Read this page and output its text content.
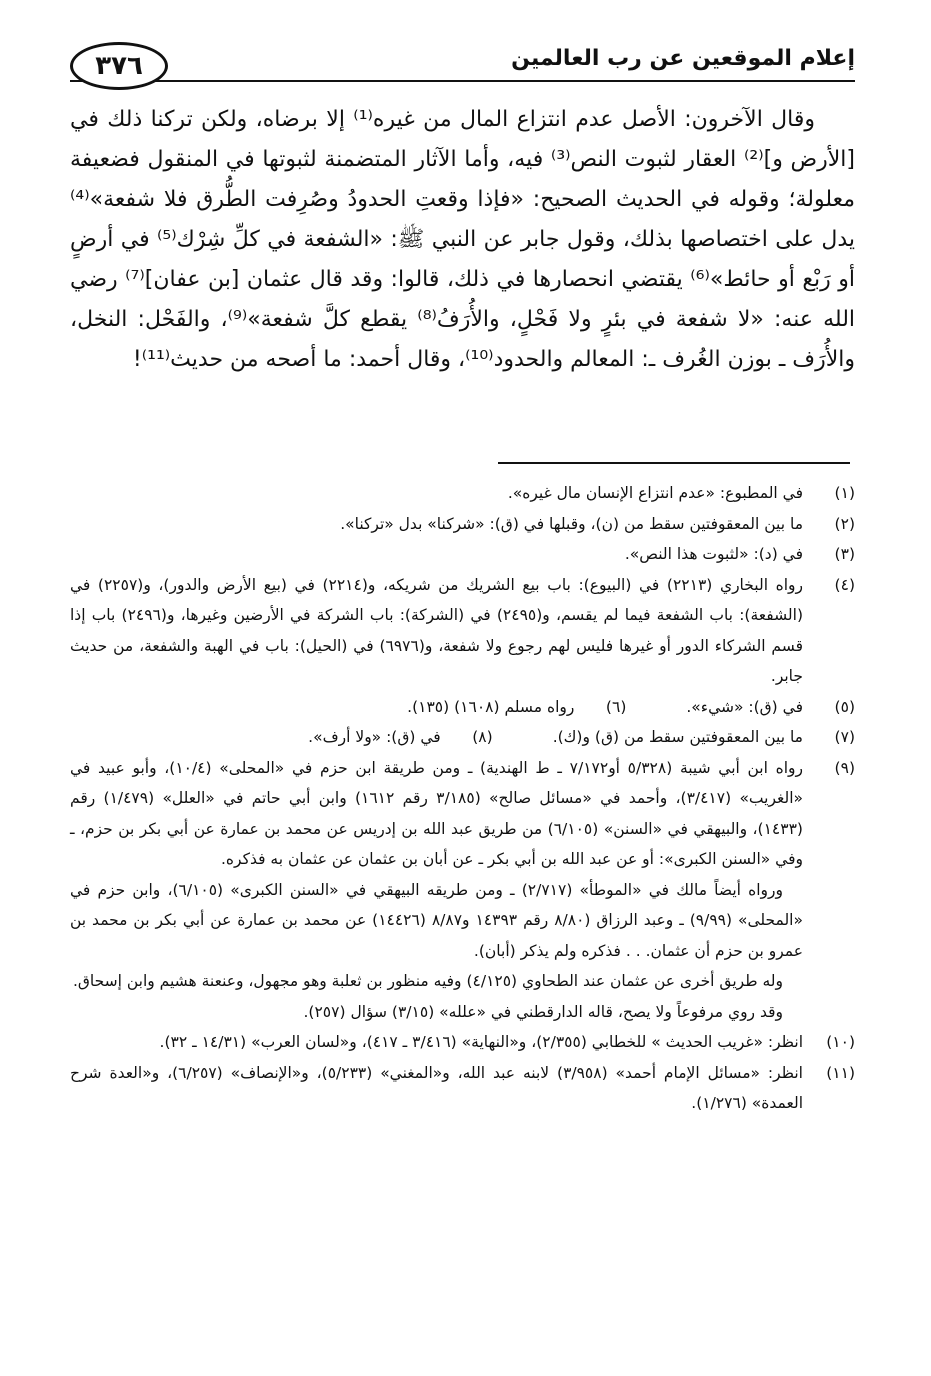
إعلام الموقعين عن رب العالمين
٣٧٦

وقال الآخرون: الأصل عدم انتزاع المال من غيره⁽¹⁾ إلا برضاه، ولكن تركنا ذلك في [الأرض و]⁽²⁾ العقار لثبوت النص⁽³⁾ فيه، وأما الآثار المتضمنة لثبوتها في المنقول فضعيفة معلولة؛ وقوله في الحديث الصحيح: «فإذا وقعتِ الحدودُ وصُرِفت الطُّرق فلا شفعة»⁽⁴⁾ يدل على اختصاصها بذلك، وقول جابر عن النبي ﷺ: «الشفعة في كلِّ شِرْك⁽⁵⁾ في أرضٍ أو رَبْع أو حائط»⁽⁶⁾ يقتضي انحصارها في ذلك، قالوا: وقد قال عثمان [بن عفان]⁽⁷⁾ رضي الله عنه: «لا شفعة في بئرٍ ولا فَحْلٍ، والأُرَفُ⁽⁸⁾ يقطع كلَّ شفعة»⁽⁹⁾، والفَحْل: النخل، والأُرَف ـ بوزن الغُرف ـ: المعالم والحدود⁽¹⁰⁾، وقال أحمد: ما أصحه من حديث⁽¹¹⁾!

(١)

في المطبوع: «عدم انتزاع الإنسان مال غيره».

(٢)

ما بين المعقوفتين سقط من (ن)، وقبلها في (ق): «شركنا» بدل «تركنا».

(٣)

في (د): «لثبوت هذا النص».

(٤)

رواه البخاري (٢٢١٣) في (البيوع): باب بيع الشريك من شريكه، و(٢٢١٤) في (بيع الأرض والدور)، و(٢٢٥٧) في (الشفعة): باب الشفعة فيما لم يقسم، و(٢٤٩٥) في (الشركة): باب الشركة في الأرضين وغيرها، و(٢٤٩٦) باب إذا قسم الشركاء الدور أو غيرها فليس لهم رجوع ولا شفعة، و(٦٩٧٦) في (الحيل): باب في الهبة والشفعة، من حديث جابر.

(٥)
في (ق): «شيء».
(٦)
رواه مسلم (١٦٠٨) (١٣٥).
(٧)
ما بين المعقوفتين سقط من (ق) و(ك).
(٨)
في (ق): «ولا أرف».
(٩)

رواه ابن أبي شيبة (٥/٣٢٨ أو٧/١٧٢ ـ ط الهندية) ـ ومن طريقة ابن حزم في «المحلى» (١٠/٤)، وأبو عبيد في «الغريب» (٣/٤١٧)، وأحمد في «مسائل صالح» (٣/١٨٥ رقم ١٦١٢) وابن أبي حاتم في «العلل» (١/٤٧٩) رقم (١٤٣٣)، والبيهقي في «السنن» (٦/١٠٥) من طريق عبد الله بن إدريس عن محمد بن عمارة عن أبي بكر بن حزم، ـ وفي «السنن الكبرى»: أو عن عبد الله بن أبي بكر ـ عن أبان بن عثمان عن عثمان به فذكره.

ورواه أيضاً مالك في «الموطأ» (٢/٧١٧) ـ ومن طريقه البيهقي في «السنن الكبرى» (٦/١٠٥)، وابن حزم في «المحلى» (٩/٩٩) ـ وعبد الرزاق (٨/٨٠ رقم ١٤٣٩٣ و٨/٨٧ (١٤٤٢٦) عن محمد بن عمارة عن أبي بكر بن محمد بن عمرو بن حزم أن عثمان. . . فذكره ولم يذكر (أبان).

وله طريق أخرى عن عثمان عند الطحاوي (٤/١٢٥) وفيه منظور بن ثعلبة وهو مجهول، وعنعنة هشيم وابن إسحاق.

وقد روي مرفوعاً ولا يصح، قاله الدارقطني في «علله» (٣/١٥) سؤال (٢٥٧).

(١٠)

انظر: «غريب الحديث » للخطابي (٢/٣٥٥)، و«النهاية» (٣/٤١٦ ـ ٤١٧)، و«لسان العرب» (١٤/٣١ ـ ٣٢).

(١١)

انظر: «مسائل الإمام أحمد» (٣/٩٥٨) لابنه عبد الله، و«المغني» (٥/٢٣٣)، و«الإنصاف» (٦/٢٥٧)، و«العدة شرح العمدة» (١/٢٧٦).
